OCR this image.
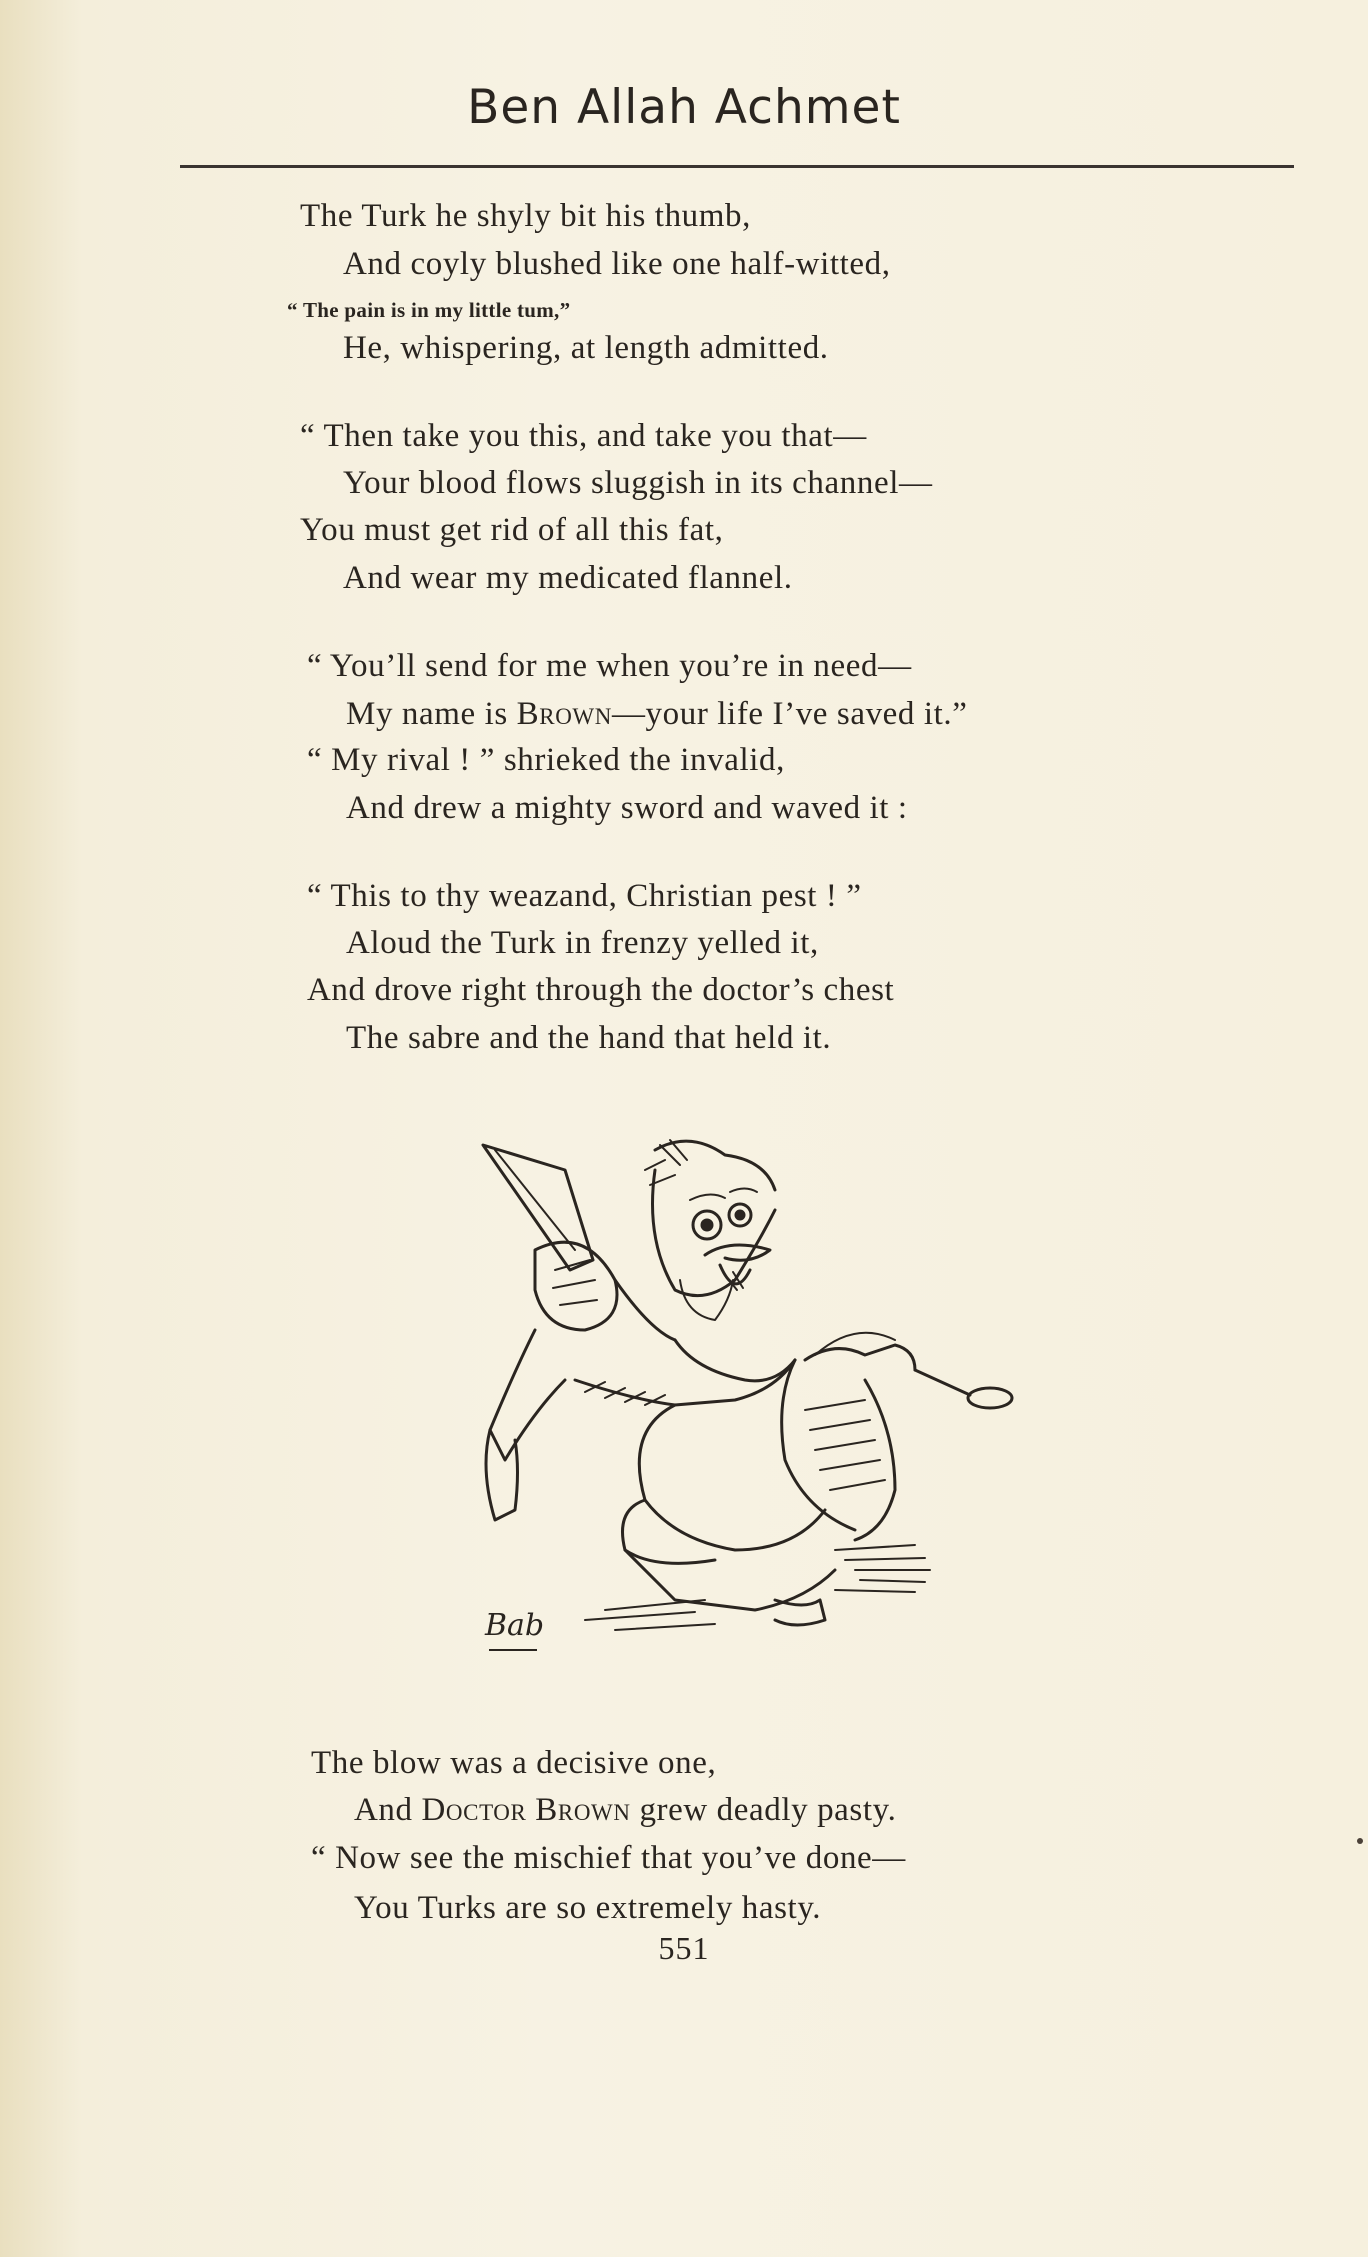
Ben Allah Achmet
The Turk he shyly bit his thumb,
And coyly blushed like one half-witted,
“ The pain is in my little tum,”
He, whispering, at length admitted.
“ Then take you this, and take you that—
Your blood flows sluggish in its channel—
You must get rid of all this fat,
And wear my medicated flannel.
“ You’ll send for me when you’re in need—
My name is Brown—your life I’ve saved it.”
“ My rival ! ” shrieked the invalid,
And drew a mighty sword and waved it :
“ This to thy weazand, Christian pest ! ”
Aloud the Turk in frenzy yelled it,
And drove right through the doctor’s chest
The sabre and the hand that held it.
Bab
The blow was a decisive one,
And Doctor Brown grew deadly pasty.
“ Now see the mischief that you’ve done—
You Turks are so extremely hasty.
551
